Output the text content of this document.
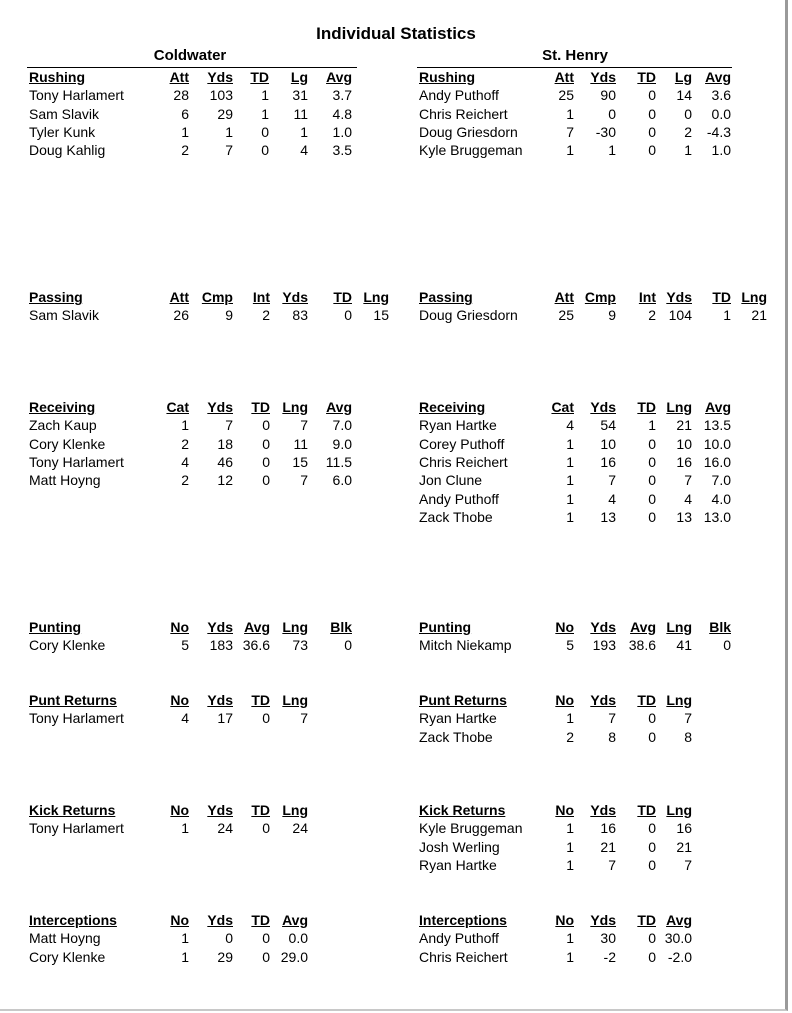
Individual Statistics
Coldwater	St. Henry
Rushing	Att Yds TD Lg Avg
Tony Harlamert	28 103 1 31 3.7
Sam Slavik	6 29 1 11 4.8
Tyler Kunk	1	1 0 1 1.0
Doug Kahlig	2	7 0 4 3.5
Rushing	Att Yds TD Lg Avg
Andy Puthoff	25 90 0 14 3.6
Chris Reichert	1 0 0 0 0.0
Doug Griesdorn	7 -30 0 2 -4.3
Kyle Bruggeman	1 1 0 1 1.0
Passing	Att Cmp Int Yds TD Lng
Sam Slavik	26	9 2 83	0 15
Passing	Att Cmp Int Yds TD Lng
Doug Griesdorn	25 9 2 104 1 21
Receiving	Cat Yds TD Lng Avg
Zach Kaup	1	7 0 7 7.0
Cory Klenke	2 18 0 11 9.0
Tony Harlamert	4 46 0 15 11.5
Matt Hoyng	2 12 0 7 6.0
Receiving	Cat Yds TD Lng Avg
Ryan Hartke	4 54 1 21 13.5
Corey Puthoff	1 10 0 10 10.0
Chris Reichert	1 16 0 16 16.0
Jon Clune	1 7 0 7 7.0
Andy Puthoff	1 4 0 4 4.0
Zack Thobe	1 13 0 13 13.0
Punting	No Yds Avg Lng Blk
Cory Klenke	5 183 36.6 73	0
Punting	No Yds Avg Lng Blk
Mitch Niekamp	5 193 38.6 41 0
Punt Returns	No Yds TD Lng
Tony Harlamert	4 17 0 7
Punt Returns	No Yds TD Lng
Ryan Hartke	1 7 0 7
Zack Thobe	2 8 0 8
Kick Returns	No Yds TD Lng
Tony Harlamert	1 24 0 24
Kick Returns	No Yds TD Lng
Kyle Bruggeman	1 16 0 16
Josh Werling	1 21 0 21
Ryan Hartke	1 7 0 7
Interceptions	No Yds TD Avg
Matt Hoyng	1	0 0 0.0
Cory Klenke	1 29 0 29.0
Interceptions	No Yds TD Avg
Andy Puthoff	1 30 0 30.0
Chris Reichert	1 -2 0 -2.0
